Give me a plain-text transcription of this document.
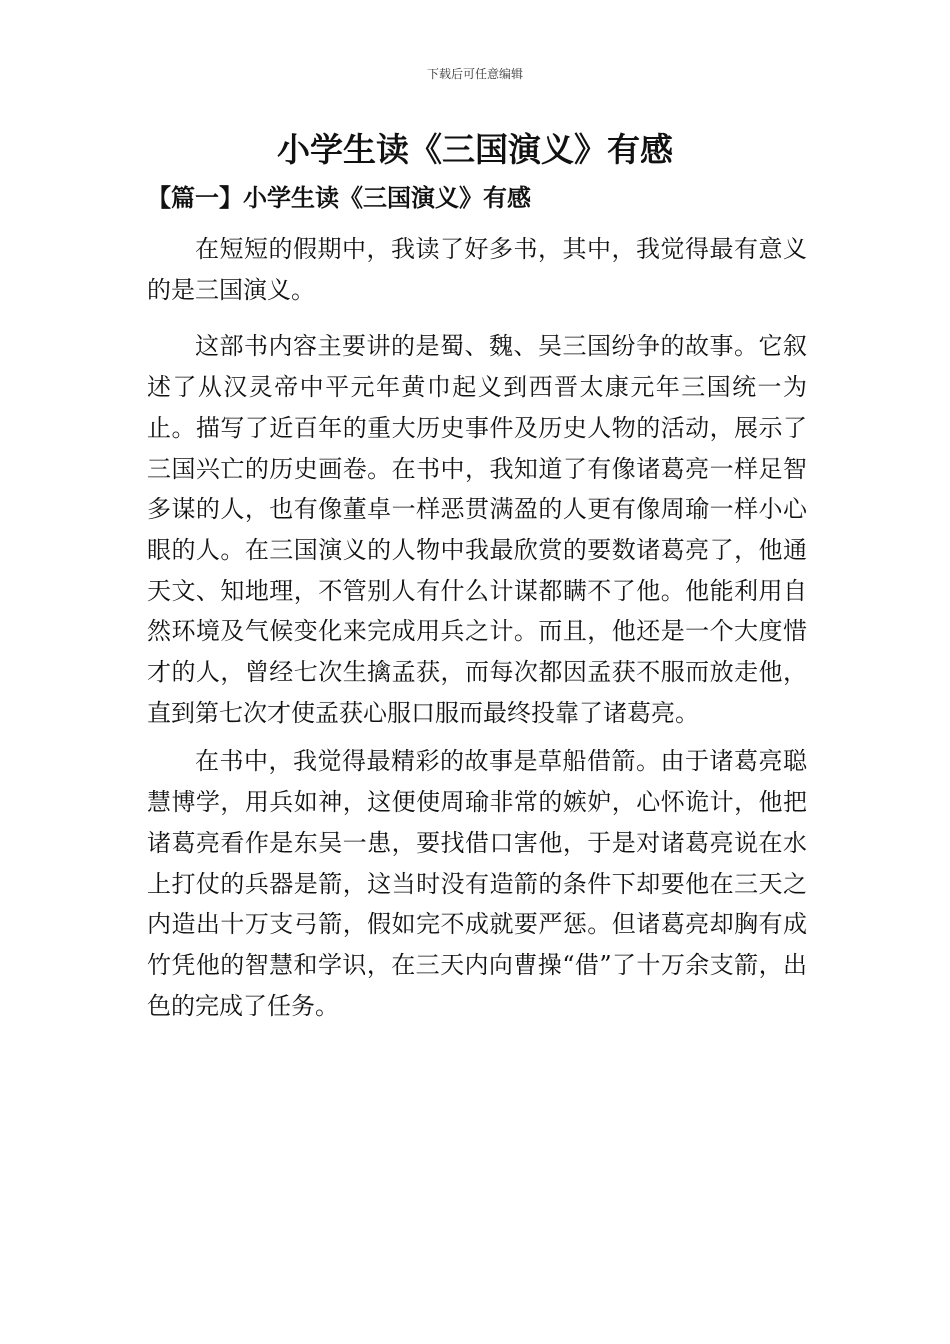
下载后可任意编辑
小学生读《三国演义》有感
【篇一】小学生读《三国演义》有感

在短短的假期中，我读了好多书，其中，我觉得最有意义的是三国演义。

这部书内容主要讲的是蜀、魏、吴三国纷争的故事。它叙述了从汉灵帝中平元年黄巾起义到西晋太康元年三国统一为止。描写了近百年的重大历史事件及历史人物的活动，展示了三国兴亡的历史画卷。在书中，我知道了有像诸葛亮一样足智多谋的人，也有像董卓一样恶贯满盈的人更有像周瑜一样小心眼的人。在三国演义的人物中我最欣赏的要数诸葛亮了，他通天文、知地理，不管别人有什么计谋都瞒不了他。他能利用自然环境及气候变化来完成用兵之计。而且，他还是一个大度惜才的人，曾经七次生擒孟获，而每次都因孟获不服而放走他，直到第七次才使孟获心服口服而最终投靠了诸葛亮。

在书中，我觉得最精彩的故事是草船借箭。由于诸葛亮聪慧博学，用兵如神，这便使周瑜非常的嫉妒，心怀诡计，他把诸葛亮看作是东吴一患，要找借口害他，于是对诸葛亮说在水上打仗的兵器是箭，这当时没有造箭的条件下却要他在三天之内造出十万支弓箭，假如完不成就要严惩。但诸葛亮却胸有成竹凭他的智慧和学识，在三天内向曹操“借”了十万余支箭，出色的完成了任务。
